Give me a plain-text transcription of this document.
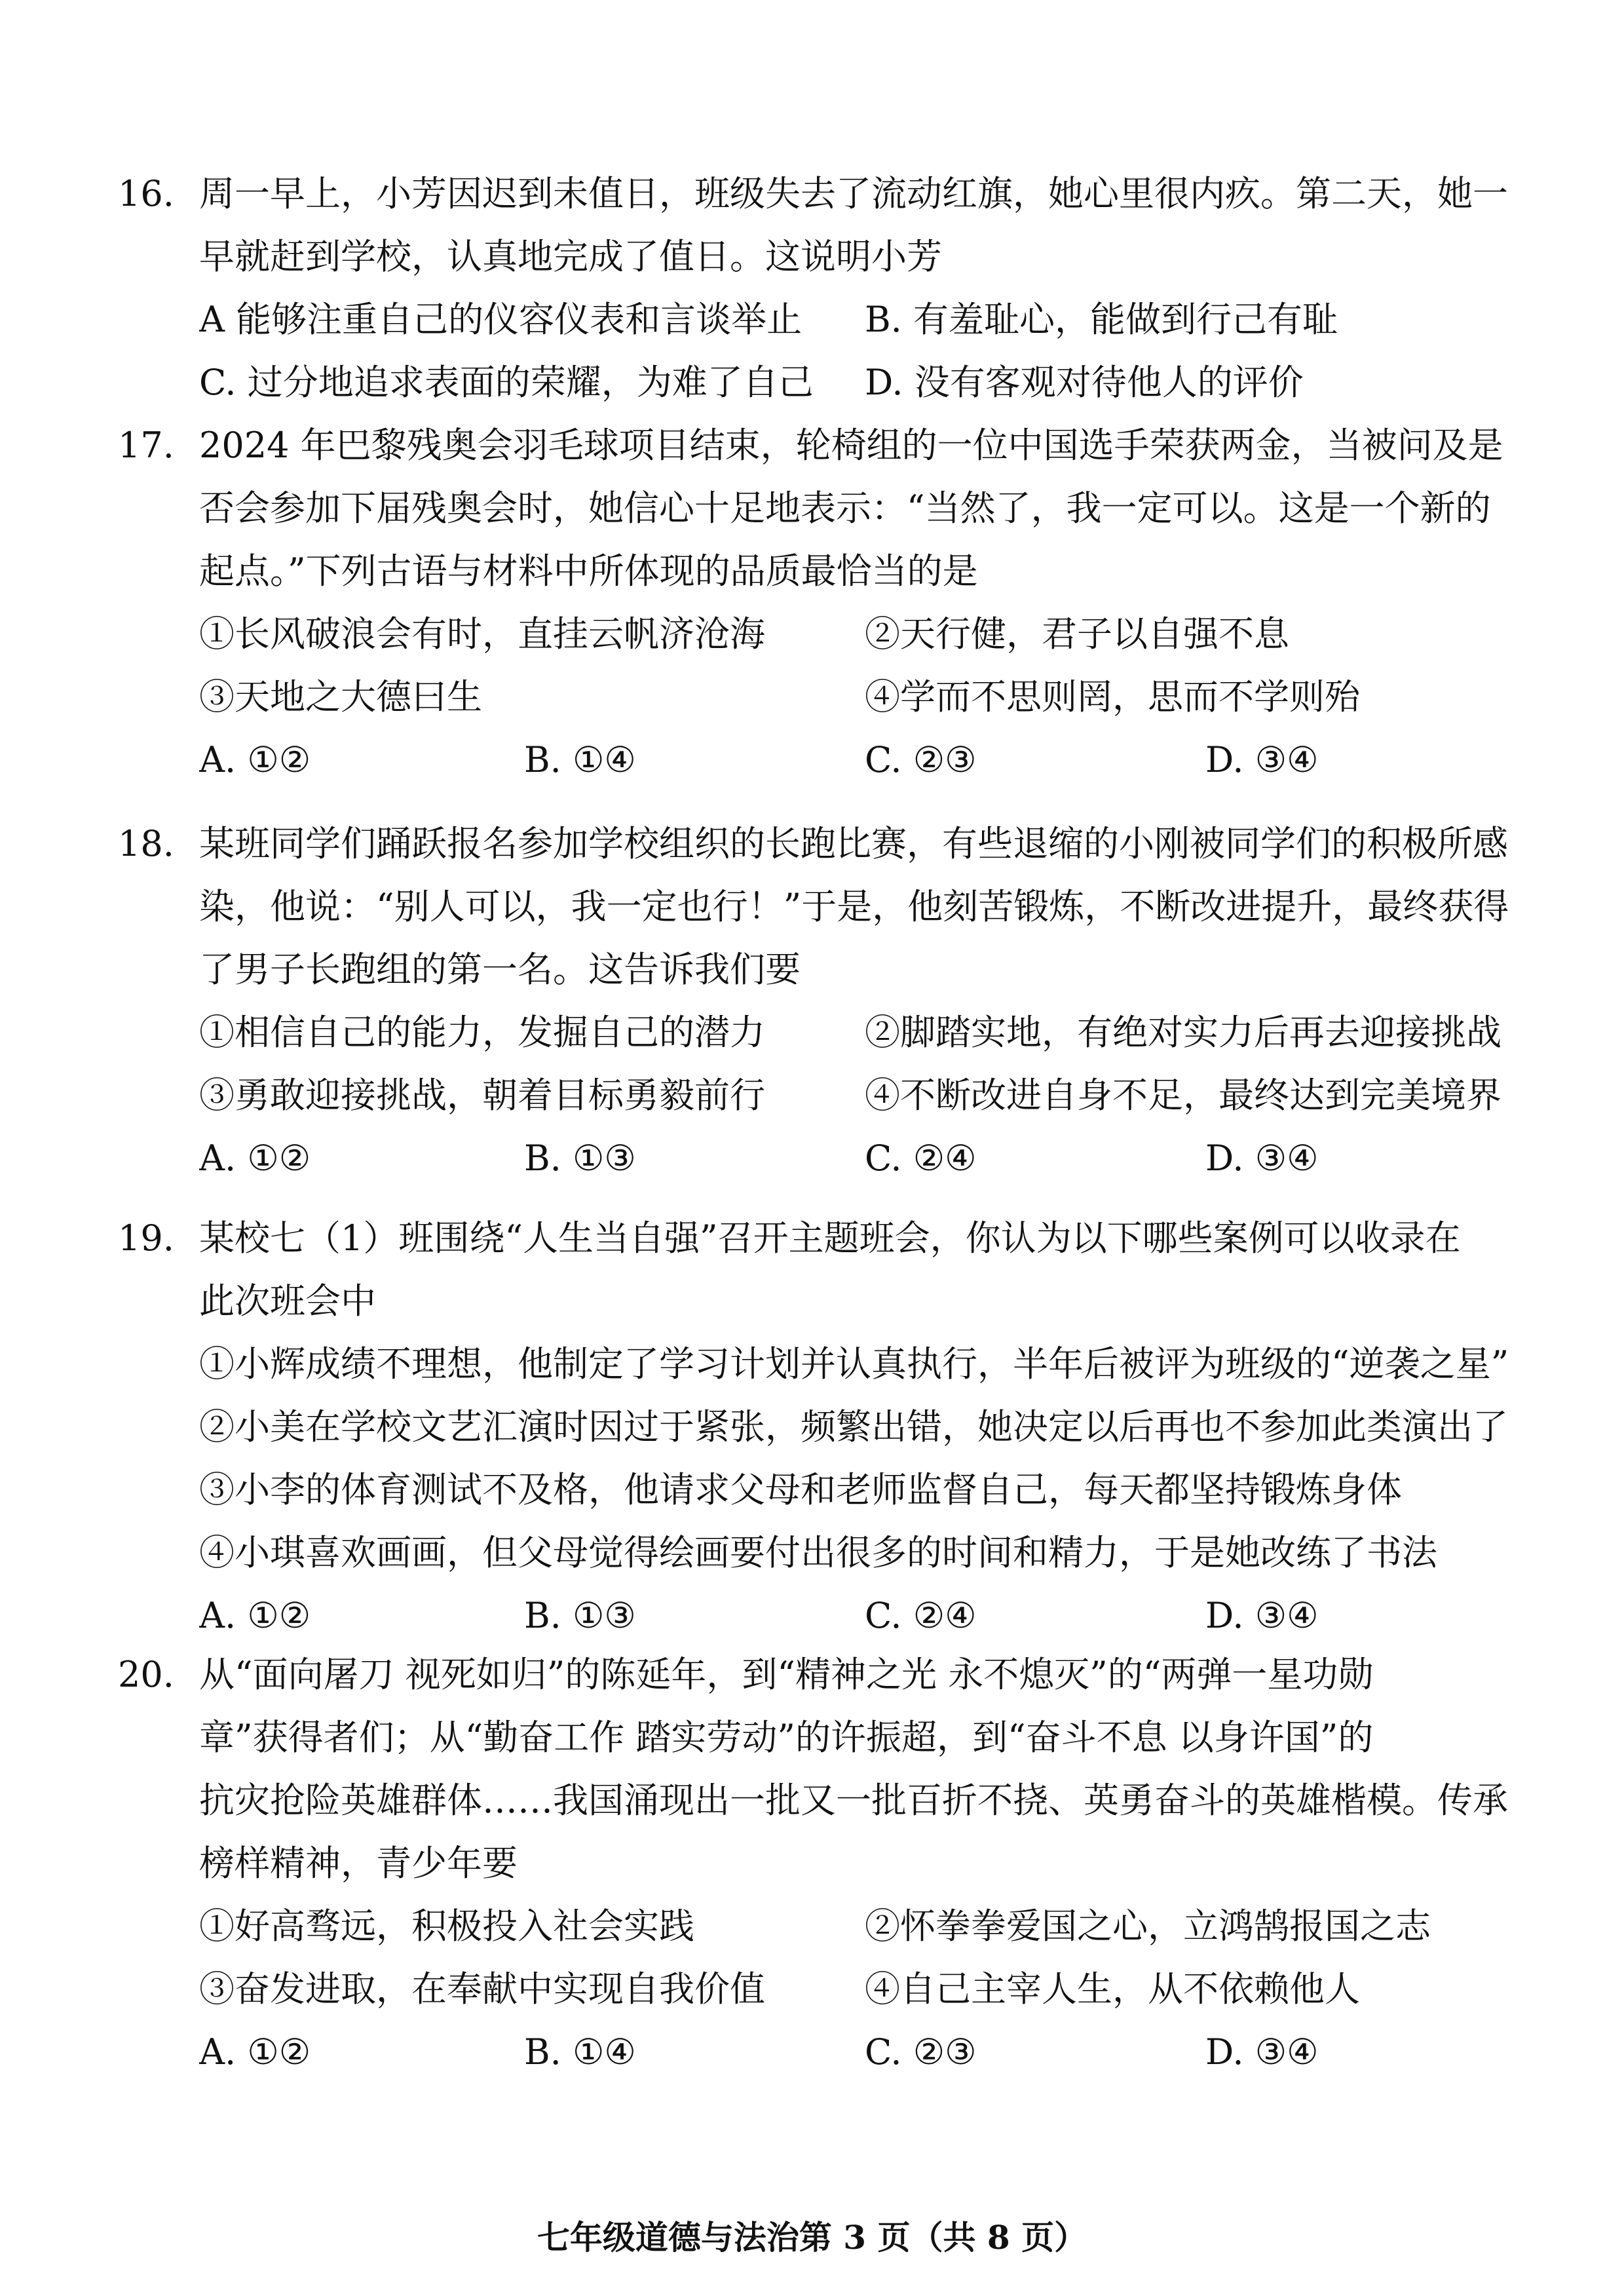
16. 周一早上，小芳因迟到未值日，班级失去了流动红旗，她心里很内疚。第二天，她一
早就赶到学校，认真地完成了值日。这说明小芳
A 能够注重自己的仪容仪表和言谈举止 B. 有羞耻心，能做到行己有耻
C. 过分地追求表面的荣耀，为难了自己 D. 没有客观对待他人的评价
17. 2024 年巴黎残奥会羽毛球项目结束，轮椅组的一位中国选手荣获两金，当被问及是
否会参加下届残奥会时，她信心十足地表示：“当然了，我一定可以。这是一个新的
起点。”下列古语与材料中所体现的品质最恰当的是
①长风破浪会有时，直挂云帆济沧海	②天行健，君子以自强不息
③天地之大德曰生	④学而不思则罔，思而不学则殆
A. ①②	B. ①④	C. ②③	D. ③④
18. 某班同学们踊跃报名参加学校组织的长跑比赛，有些退缩的小刚被同学们的积极所感
染，他说：“别人可以，我一定也行！”于是，他刻苦锻炼，不断改进提升，最终获得
了男子长跑组的第一名。这告诉我们要
①相信自己的能力，发掘自己的潜力	②脚踏实地，有绝对实力后再去迎接挑战
③勇敢迎接挑战，朝着目标勇毅前行	④不断改进自身不足，最终达到完美境界
A. ①②	B. ①③	C. ②④	D. ③④
19. 某校七（1）班围绕“人生当自强”召开主题班会，你认为以下哪些案例可以收录在
此次班会中
①小辉成绩不理想，他制定了学习计划并认真执行，半年后被评为班级的“逆袭之星”
②小美在学校文艺汇演时因过于紧张，频繁出错，她决定以后再也不参加此类演出了
③小李的体育测试不及格，他请求父母和老师监督自己，每天都坚持锻炼身体
④小琪喜欢画画，但父母觉得绘画要付出很多的时间和精力，于是她改练了书法
A. ①②	B. ①③	C. ②④	D. ③④
20. 从“面向屠刀 视死如归”的陈延年，到“精神之光 永不熄灭”的“两弹一星功勋
章”获得者们；从“勤奋工作 踏实劳动”的许振超，到“奋斗不息 以身许国”的
抗灾抢险英雄群体……我国涌现出一批又一批百折不挠、英勇奋斗的英雄楷模。传承
榜样精神，青少年要
①好高骛远，积极投入社会实践	②怀拳拳爱国之心，立鸿鹄报国之志
③奋发进取，在奉献中实现自我价值	④自己主宰人生，从不依赖他人
A. ①②	B. ①④	C. ②③	D. ③④
七年级道德与法治第 3 页（共 8 页）
